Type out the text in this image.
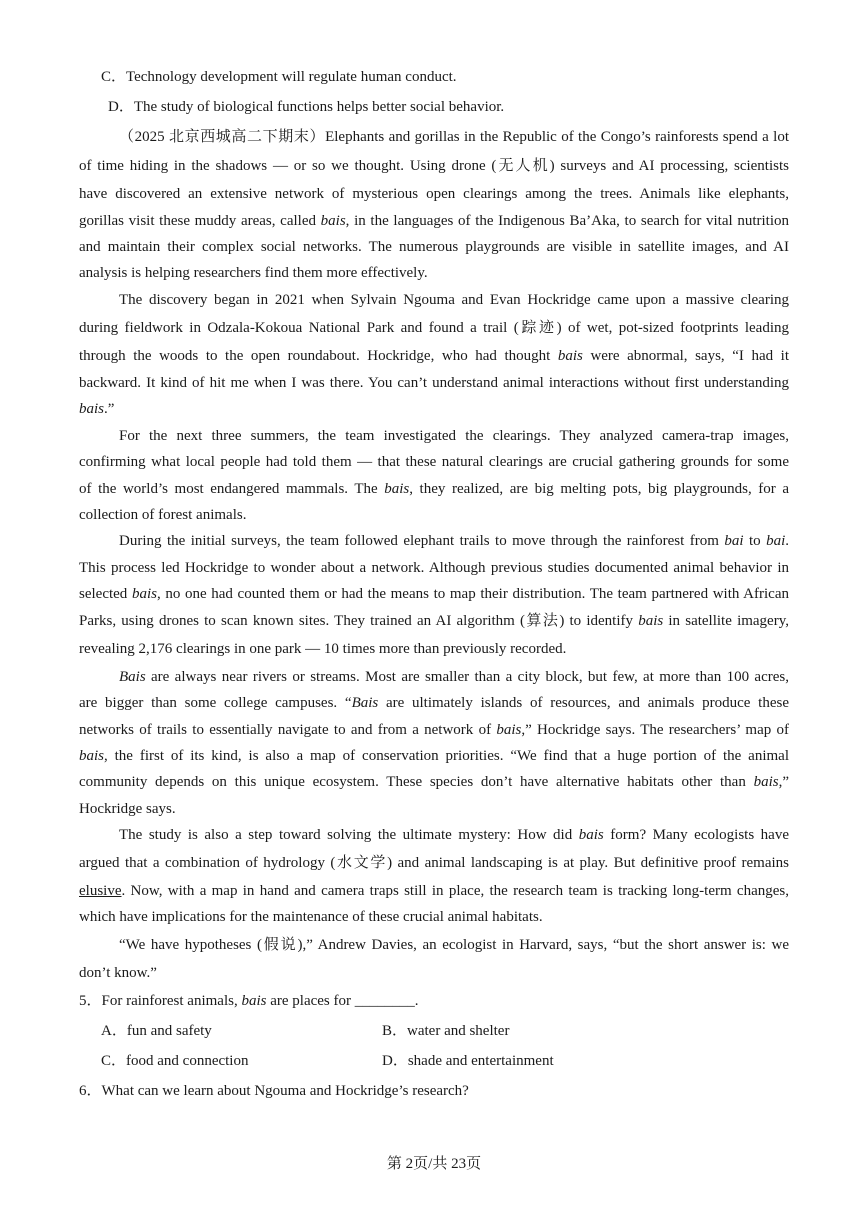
C．Technology development will regulate human conduct.
D．The study of biological functions helps better social behavior.
（2025 北京西城高二下期末）Elephants and gorillas in the Republic of the Congo’s rainforests spend a lot
of time hiding in the shadows — or so we thought. Using drone (无人机) surveys and AI processing, scientists
have discovered an extensive network of mysterious open clearings among the trees. Animals like elephants,
gorillas visit these muddy areas, called bais, in the languages of the Indigenous Ba’Aka, to search for vital nutrition
and maintain their complex social networks. The numerous playgrounds are visible in satellite images, and AI
analysis is helping researchers find them more effectively.
The discovery began in 2021 when Sylvain Ngouma and Evan Hockridge came upon a massive clearing
during fieldwork in Odzala-Kokoua National Park and found a trail (踪迹) of wet, pot-sized footprints leading
through the woods to the open roundabout. Hockridge, who had thought bais were abnormal, says, “I had it
backward. It kind of hit me when I was there. You can’t understand animal interactions without first understanding
bais.”
For the next three summers, the team investigated the clearings. They analyzed camera-trap images,
confirming what local people had told them — that these natural clearings are crucial gathering grounds for some
of the world’s most endangered mammals. The bais, they realized, are big melting pots, big playgrounds, for a
collection of forest animals.
During the initial surveys, the team followed elephant trails to move through the rainforest from bai to bai.
This process led Hockridge to wonder about a network. Although previous studies documented animal behavior in
selected bais, no one had counted them or had the means to map their distribution. The team partnered with African
Parks, using drones to scan known sites. They trained an AI algorithm (算法) to identify bais in satellite imagery,
revealing 2,176 clearings in one park — 10 times more than previously recorded.
Bais are always near rivers or streams. Most are smaller than a city block, but few, at more than 100 acres,
are bigger than some college campuses. “Bais are ultimately islands of resources, and animals produce these
networks of trails to essentially navigate to and from a network of bais,” Hockridge says. The researchers’ map of
bais, the first of its kind, is also a map of conservation priorities. “We find that a huge portion of the animal
community depends on this unique ecosystem. These species don’t have alternative habitats other than bais,”
Hockridge says.
The study is also a step toward solving the ultimate mystery: How did bais form? Many ecologists have
argued that a combination of hydrology (水文学) and animal landscaping is at play. But definitive proof remains
elusive. Now, with a map in hand and camera traps still in place, the research team is tracking long-term changes,
which have implications for the maintenance of these crucial animal habitats.
“We have hypotheses (假说),” Andrew Davies, an ecologist in Harvard, says, “but the short answer is: we
don’t know.”
5．For rainforest animals, bais are places for ________.
A．fun and safety	B．water and shelter
C．food and connection	D．shade and entertainment
6．What can we learn about Ngouma and Hockridge’s research?
第 2页/共 23页
